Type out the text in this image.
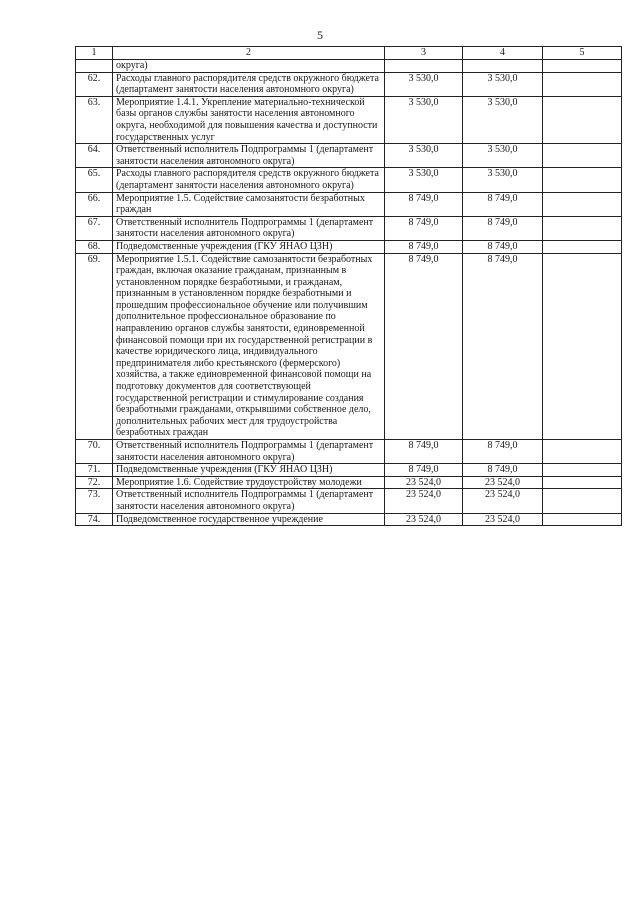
5
1	2	3	4	5
	округа)			
62.	Расходы главного распорядителя средств окружного бюджета (департамент занятости населения автономного округа)	3 530,0	3 530,0	
63.	Мероприятие 1.4.1. Укрепление материально-технической базы органов службы занятости населения автономного округа, необходимой для повышения качества и доступности государственных услуг	3 530,0	3 530,0	
64.	Ответственный исполнитель Подпрограммы 1 (департамент занятости населения автономного округа)	3 530,0	3 530,0	
65.	Расходы главного распорядителя средств окружного бюджета (департамент занятости населения автономного округа)	3 530,0	3 530,0	
66.	Мероприятие 1.5. Содействие самозанятости безработных граждан	8 749,0	8 749,0	
67.	Ответственный исполнитель Подпрограммы 1 (департамент занятости населения автономного округа)	8 749,0	8 749,0	
68.	Подведомственные учреждения (ГКУ ЯНАО ЦЗН)	8 749,0	8 749,0	
69.	Мероприятие 1.5.1. Содействие самозанятости безработных граждан, включая оказание гражданам, признанным в установленном порядке безработными, и гражданам, признанным в установленном порядке безработными и прошедшим профессиональное обучение или получившим дополнительное профессиональное образование по направлению органов службы занятости, единовременной финансовой помощи при их государственной регистрации в качестве юридического лица, индивидуального предпринимателя либо крестьянского (фермерского) хозяйства, а также единовременной финансовой помощи на подготовку документов для соответствующей государственной регистрации и стимулирование создания безработными гражданами, открывшими собственное дело, дополнительных рабочих мест для трудоустройства безработных граждан	8 749,0	8 749,0	
70.	Ответственный исполнитель Подпрограммы 1 (департамент занятости населения автономного округа)	8 749,0	8 749,0	
71.	Подведомственные учреждения (ГКУ ЯНАО ЦЗН)	8 749,0	8 749,0	
72.	Мероприятие 1.6. Содействие трудоустройству молодежи	23 524,0	23 524,0	
73.	Ответственный исполнитель Подпрограммы 1 (департамент занятости населения автономного округа)	23 524,0	23 524,0	
74.	Подведомственное государственное учреждение	23 524,0	23 524,0	
